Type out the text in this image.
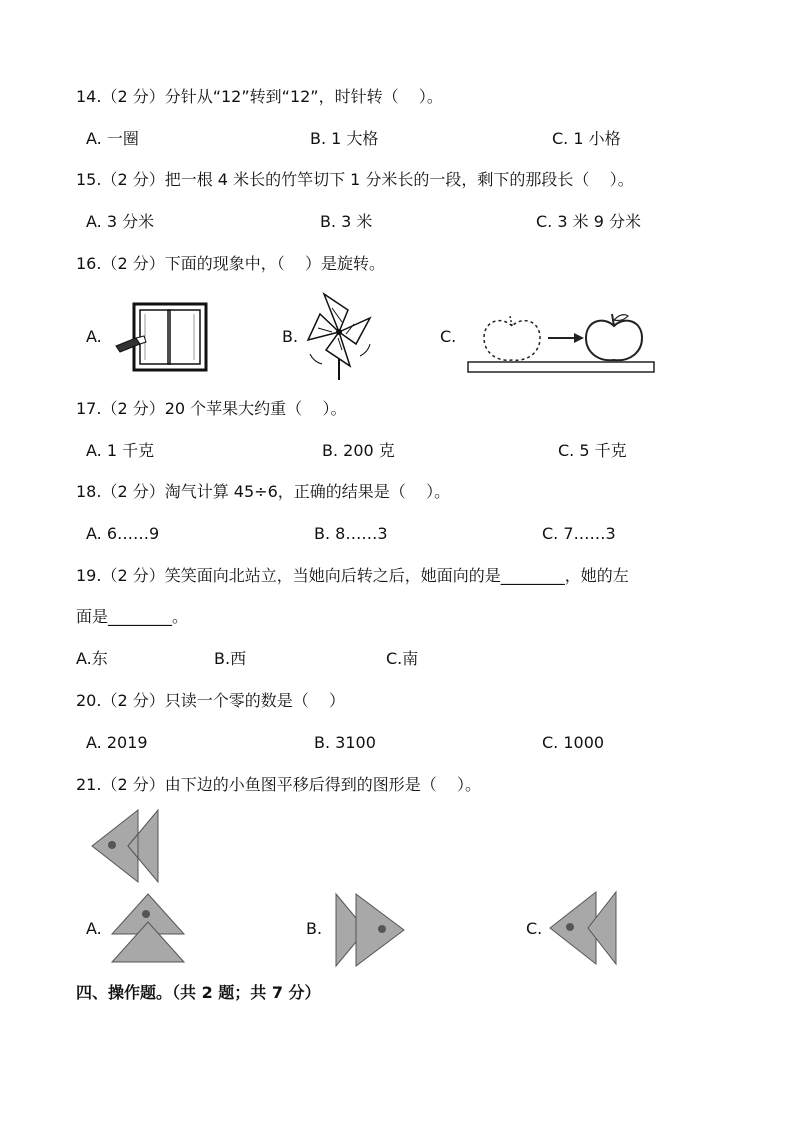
14.（2 分）分针从“12”转到“12”，时针转（    ）。
A. 一圈	B. 1 大格	C. 1 小格
15.（2 分）把一根 4 米长的竹竿切下 1 分米长的一段，剩下的那段长（    ）。
A. 3 分米	B. 3 米	C. 3 米 9 分米
16.（2 分）下面的现象中，（    ）是旋转。
A.	B.	C.
17.（2 分）20 个苹果大约重（    ）。
A. 1 千克	B. 200 克	C. 5 千克
18.（2 分）淘气计算 45÷6，正确的结果是（    ）。
A. 6……9	B. 8……3	C. 7……3
19.（2 分）笑笑面向北站立，当她向后转之后，她面向的是________，她的左
面是________。
A.东	B.西	C.南
20.（2 分）只读一个零的数是（    ）
A. 2019	B. 3100	C. 1000
21.（2 分）由下边的小鱼图平移后得到的图形是（    ）。
A.	B.	C.
四、操作题。（共 2 题；共 7 分）
